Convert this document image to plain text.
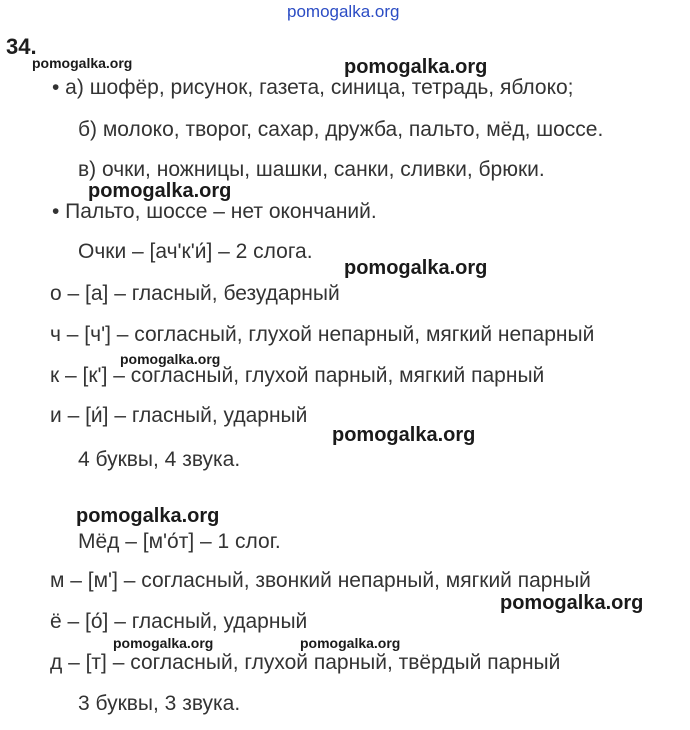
pomogalka.org
34.
pomogalka.org	pomogalka.org
• а) шофёр, рисунок, газета, синица, тетрадь, яблоко;
б) молоко, творог, сахар, дружба, пальто, мёд, шоссе.
в) очки, ножницы, шашки, санки, сливки, брюки.
pomogalka.org
• Пальто, шоссе – нет окончаний.
Очки – [ач'к'и́] – 2 слога.
pomogalka.org
о – [а] – гласный, безударный
ч – [ч'] – согласный, глухой непарный, мягкий непарный
pomogalka.org
к – [к'] – согласный, глухой парный, мягкий парный
и – [и́] – гласный, ударный
pomogalka.org
4 буквы, 4 звука.
pomogalka.org
Мёд – [м'о́т] – 1 слог.
м – [м'] – согласный, звонкий непарный, мягкий парный
pomogalka.org
ё – [о́] – гласный, ударный
pomogalka.org	pomogalka.org
д – [т] – согласный, глухой парный, твёрдый парный
3 буквы, 3 звука.
